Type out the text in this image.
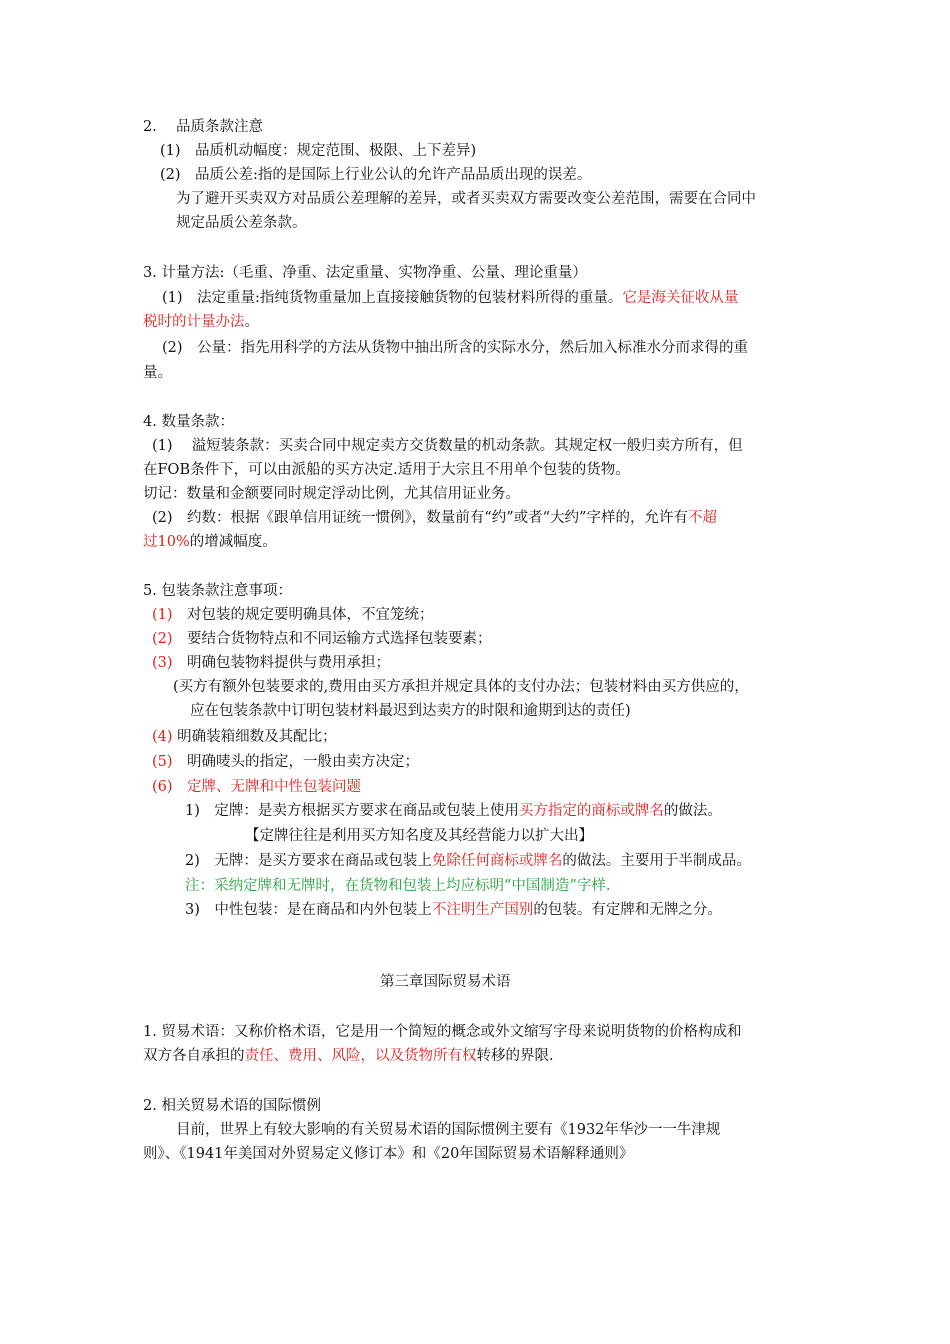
2.　 品质条款注意
(1)　品质机动幅度：规定范围、极限、上下差异)
(2)　品质公差:指的是国际上行业公认的允许产品品质出现的误差。
为了避开买卖双方对品质公差理解的差异，或者买卖双方需要改变公差范围，需要在合同中
规定品质公差条款。
3. 计量方法:（毛重、净重、法定重量、实物净重、公量、理论重量）
(1)　法定重量:指纯货物重量加上直接接触货物的包装材料所得的重量。它是海关征收从量
税时的计量办法。
(2)　公量：指先用科学的方法从货物中抽出所含的实际水分，然后加入标准水分而求得的重
量。
4. 数量条款：
(1)　 溢短装条款：买卖合同中规定卖方交货数量的机动条款。其规定权一般归卖方所有，但
在FOB条件下，可以由派船的买方决定.适用于大宗且不用单个包装的货物。
切记：数量和金额要同时规定浮动比例，尤其信用证业务。
(2)　约数：根据《跟单信用证统一惯例》，数量前有“约”或者“大约”字样的，允许有不超
过10%的增减幅度。
5. 包装条款注意事项：
(1)　 对包装的规定要明确具体，不宜笼统；
(2)　 要结合货物特点和不同运输方式选择包装要素；
(3)　 明确包装物料提供与费用承担；
(买方有额外包装要求的,费用由买方承担并规定具体的支付办法；包装材料由买方供应的，
应在包装条款中订明包装材料最迟到达卖方的时限和逾期到达的责任)
(4) 明确装箱细数及其配比；
(5)　 明确唛头的指定，一般由卖方决定；
(6)　 定牌、无牌和中性包装问题
1)　定牌：是卖方根据买方要求在商品或包装上使用买方指定的商标或牌名的做法。
【定牌往往是利用买方知名度及其经营能力以扩大出】
2)　无牌：是买方要求在商品或包装上免除任何商标或牌名的做法。主要用于半制成品。
注：采纳定牌和无牌时，在货物和包装上均应标明“中国制造”字样.
3)　中性包装：是在商品和内外包装上不注明生产国别的包装。有定牌和无牌之分。
第三章国际贸易术语
1. 贸易术语：又称价格术语，它是用一个简短的概念或外文缩写字母来说明货物的价格构成和
双方各自承担的责任、费用、风险，以及货物所有权转移的界限.
2. 相关贸易术语的国际惯例
目前，世界上有较大影响的有关贸易术语的国际惯例主要有《1932年华沙一一牛津规
则》、《1941年美国对外贸易定义修订本》和《20年国际贸易术语解释通则》
